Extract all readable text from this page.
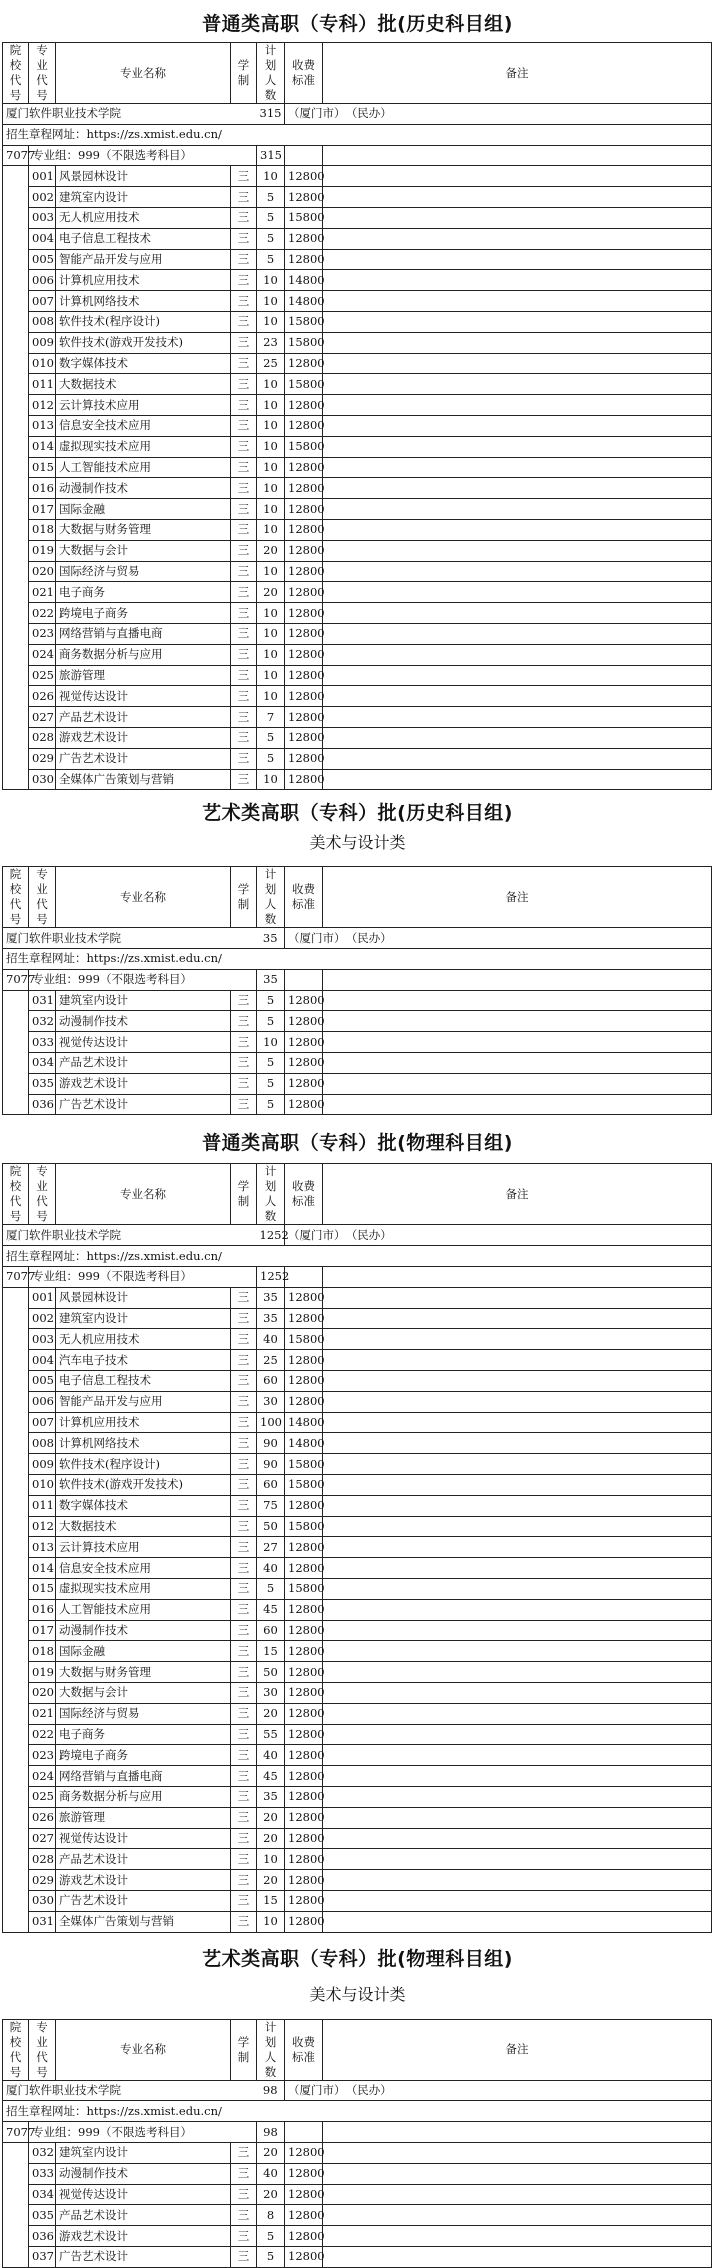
普通类高职（专科）批(历史科目组)
院校代号	专业代号	专业名称	学制	计划人数	收费标准	备注
厦门软件职业技术学院				315	（厦门市） （民办）	
招生章程网址：https://zs.xmist.edu.cn/						
7077	专业组：999（不限选考科目）			315		
	001	风景园林设计	三	10	12800	
	002	建筑室内设计	三	5	12800	
	003	无人机应用技术	三	5	15800	
	004	电子信息工程技术	三	5	12800	
	005	智能产品开发与应用	三	5	12800	
	006	计算机应用技术	三	10	14800	
	007	计算机网络技术	三	10	14800	
	008	软件技术(程序设计)	三	10	15800	
	009	软件技术(游戏开发技术)	三	23	15800	
	010	数字媒体技术	三	25	12800	
	011	大数据技术	三	10	15800	
	012	云计算技术应用	三	10	12800	
	013	信息安全技术应用	三	10	12800	
	014	虚拟现实技术应用	三	10	15800	
	015	人工智能技术应用	三	10	12800	
	016	动漫制作技术	三	10	12800	
	017	国际金融	三	10	12800	
	018	大数据与财务管理	三	10	12800	
	019	大数据与会计	三	20	12800	
	020	国际经济与贸易	三	10	12800	
	021	电子商务	三	20	12800	
	022	跨境电子商务	三	10	12800	
	023	网络营销与直播电商	三	10	12800	
	024	商务数据分析与应用	三	10	12800	
	025	旅游管理	三	10	12800	
	026	视觉传达设计	三	10	12800	
	027	产品艺术设计	三	7	12800	
	028	游戏艺术设计	三	5	12800	
	029	广告艺术设计	三	5	12800	
	030	全媒体广告策划与营销	三	10	12800	
艺术类高职（专科）批(历史科目组)
美术与设计类
院校代号	专业代号	专业名称	学制	计划人数	收费标准	备注
厦门软件职业技术学院				35	（厦门市） （民办）	
招生章程网址：https://zs.xmist.edu.cn/						
7077	专业组：999（不限选考科目）			35		
	031	建筑室内设计	三	5	12800	
	032	动漫制作技术	三	5	12800	
	033	视觉传达设计	三	10	12800	
	034	产品艺术设计	三	5	12800	
	035	游戏艺术设计	三	5	12800	
	036	广告艺术设计	三	5	12800	
普通类高职（专科）批(物理科目组)
院校代号	专业代号	专业名称	学制	计划人数	收费标准	备注
厦门软件职业技术学院				1252	（厦门市） （民办）	
招生章程网址：https://zs.xmist.edu.cn/						
7077	专业组：999（不限选考科目）			1252		
	001	风景园林设计	三	35	12800	
	002	建筑室内设计	三	35	12800	
	003	无人机应用技术	三	40	15800	
	004	汽车电子技术	三	25	12800	
	005	电子信息工程技术	三	60	12800	
	006	智能产品开发与应用	三	30	12800	
	007	计算机应用技术	三	100	14800	
	008	计算机网络技术	三	90	14800	
	009	软件技术(程序设计)	三	90	15800	
	010	软件技术(游戏开发技术)	三	60	15800	
	011	数字媒体技术	三	75	12800	
	012	大数据技术	三	50	15800	
	013	云计算技术应用	三	27	12800	
	014	信息安全技术应用	三	40	12800	
	015	虚拟现实技术应用	三	5	15800	
	016	人工智能技术应用	三	45	12800	
	017	动漫制作技术	三	60	12800	
	018	国际金融	三	15	12800	
	019	大数据与财务管理	三	50	12800	
	020	大数据与会计	三	30	12800	
	021	国际经济与贸易	三	20	12800	
	022	电子商务	三	55	12800	
	023	跨境电子商务	三	40	12800	
	024	网络营销与直播电商	三	45	12800	
	025	商务数据分析与应用	三	35	12800	
	026	旅游管理	三	20	12800	
	027	视觉传达设计	三	20	12800	
	028	产品艺术设计	三	10	12800	
	029	游戏艺术设计	三	20	12800	
	030	广告艺术设计	三	15	12800	
	031	全媒体广告策划与营销	三	10	12800	
艺术类高职（专科）批(物理科目组)
美术与设计类
院校代号	专业代号	专业名称	学制	计划人数	收费标准	备注
厦门软件职业技术学院				98	（厦门市） （民办）	
招生章程网址：https://zs.xmist.edu.cn/						
7077	专业组：999（不限选考科目）			98		
	032	建筑室内设计	三	20	12800	
	033	动漫制作技术	三	40	12800	
	034	视觉传达设计	三	20	12800	
	035	产品艺术设计	三	8	12800	
	036	游戏艺术设计	三	5	12800	
	037	广告艺术设计	三	5	12800	
